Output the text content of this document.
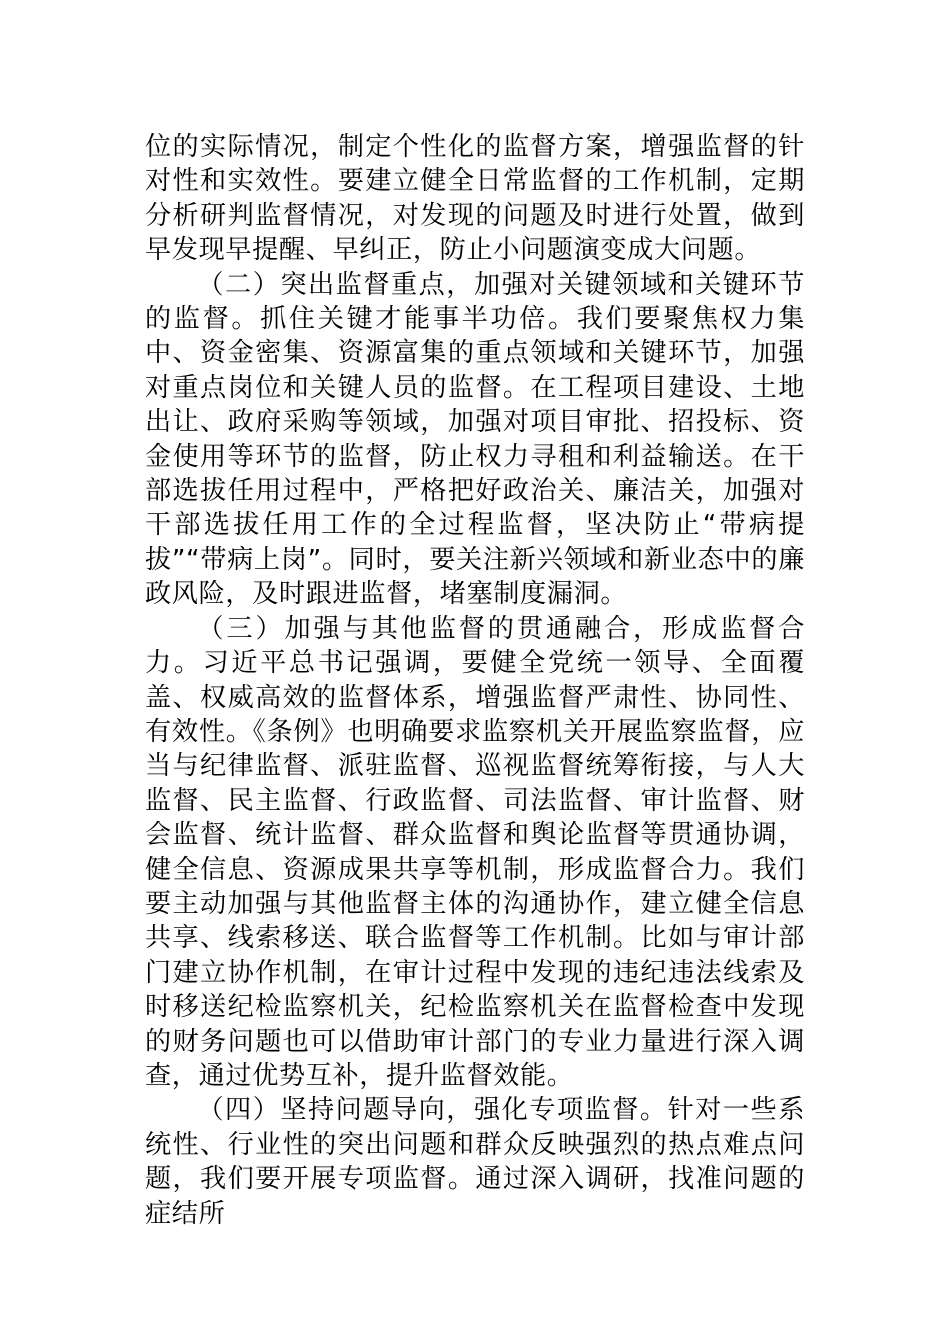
位的实际情况，制定个性化的监督方案，增强监督的针对性和实效性。要建立健全日常监督的工作机制，定期分析研判监督情况，对发现的问题及时进行处置，做到早发现早提醒、早纠正，防止小问题演变成大问题。

（二）突出监督重点，加强对关键领域和关键环节的监督。抓住关键才能事半功倍。我们要聚焦权力集中、资金密集、资源富集的重点领域和关键环节，加强对重点岗位和关键人员的监督。在工程项目建设、土地出让、政府采购等领域，加强对项目审批、招投标、资金使用等环节的监督，防止权力寻租和利益输送。在干部选拔任用过程中，严格把好政治关、廉洁关，加强对干部选拔任用工作的全过程监督，坚决防止“带病提拔”“带病上岗”。同时，要关注新兴领域和新业态中的廉政风险，及时跟进监督，堵塞制度漏洞。

（三）加强与其他监督的贯通融合，形成监督合力。习近平总书记强调，要健全党统一领导、全面覆盖、权威高效的监督体系，增强监督严肃性、协同性、有效性。《条例》也明确要求监察机关开展监察监督，应当与纪律监督、派驻监督、巡视监督统筹衔接，与人大监督、民主监督、行政监督、司法监督、审计监督、财会监督、统计监督、群众监督和舆论监督等贯通协调，健全信息、资源成果共享等机制，形成监督合力。我们要主动加强与其他监督主体的沟通协作，建立健全信息共享、线索移送、联合监督等工作机制。比如与审计部门建立协作机制，在审计过程中发现的违纪违法线索及时移送纪检监察机关，纪检监察机关在监督检查中发现的财务问题也可以借助审计部门的专业力量进行深入调查，通过优势互补，提升监督效能。

（四）坚持问题导向，强化专项监督。针对一些系统性、行业性的突出问题和群众反映强烈的热点难点问题，我们要开展专项监督。通过深入调研，找准问题的症结所
